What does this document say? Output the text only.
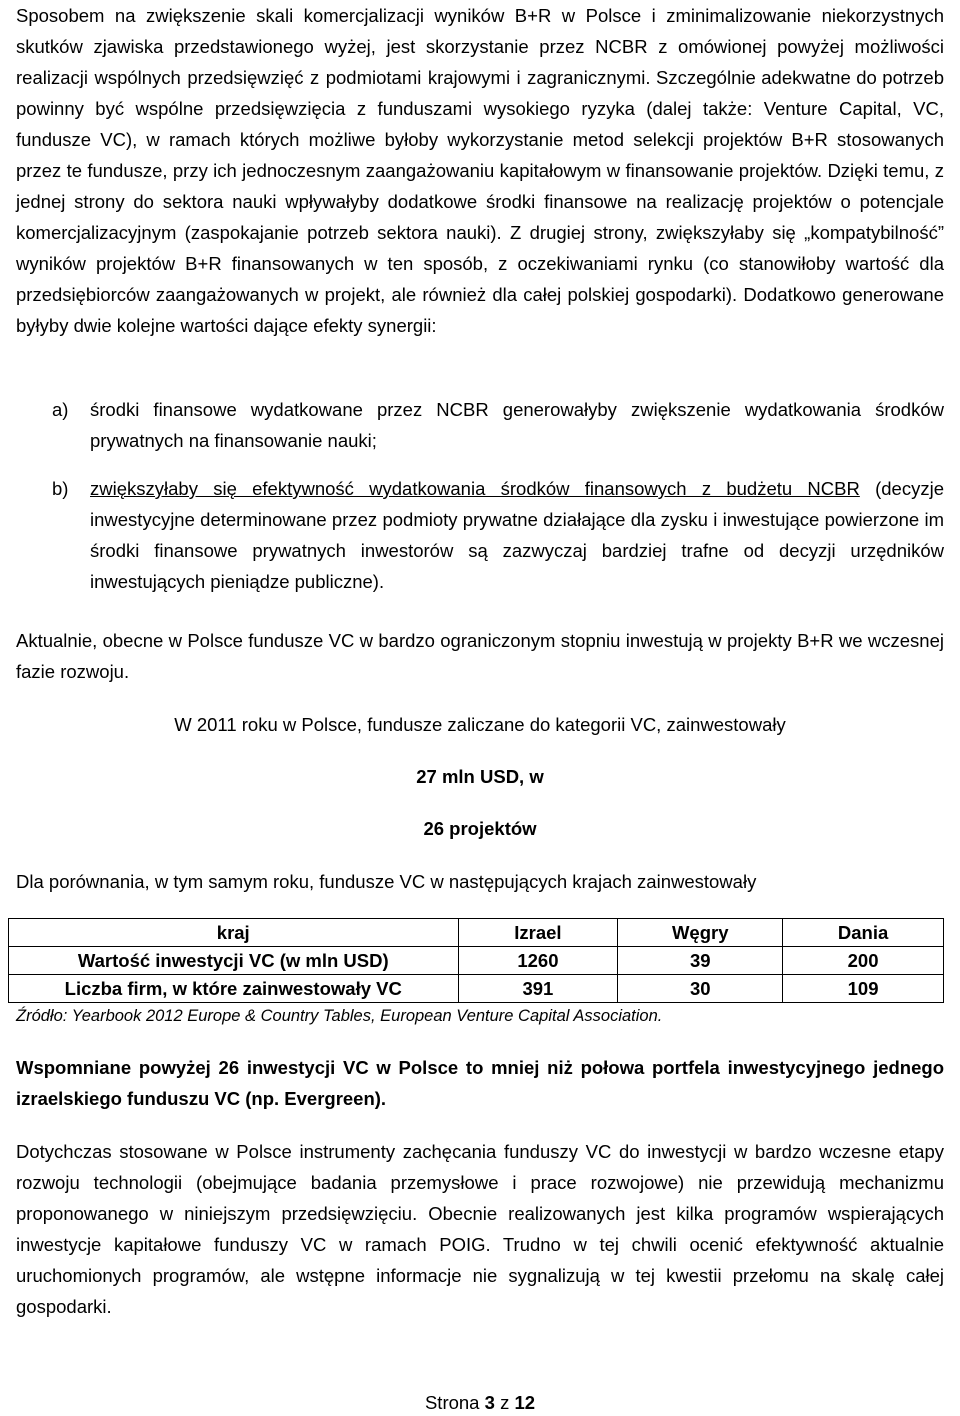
Sposobem na zwiększenie skali komercjalizacji wyników B+R w Polsce i zminimalizowanie niekorzystnych skutków zjawiska przedstawionego wyżej, jest skorzystanie przez NCBR z omówionej powyżej możliwości realizacji wspólnych przedsięwzięć z podmiotami krajowymi i zagranicznymi. Szczególnie adekwatne do potrzeb powinny być wspólne przedsięwzięcia z funduszami wysokiego ryzyka (dalej także: Venture Capital, VC, fundusze VC), w ramach których możliwe byłoby wykorzystanie metod selekcji projektów B+R stosowanych przez te fundusze, przy ich jednoczesnym zaangażowaniu kapitałowym w finansowanie projektów. Dzięki temu, z jednej strony do sektora nauki wpływałyby dodatkowe środki finansowe na realizację projektów o potencjale komercjalizacyjnym (zaspokajanie potrzeb sektora nauki). Z drugiej strony, zwiększyłaby się „kompatybilność” wyników projektów B+R finansowanych w ten sposób, z oczekiwaniami rynku (co stanowiłoby wartość dla przedsiębiorców zaangażowanych w projekt, ale również dla całej polskiej gospodarki). Dodatkowo generowane byłyby dwie kolejne wartości dające efekty synergii:

a) środki finansowe wydatkowane przez NCBR generowałyby zwiększenie wydatkowania środków prywatnych na finansowanie nauki;
b) zwiększyłaby się efektywność wydatkowania środków finansowych z budżetu NCBR (decyzje inwestycyjne determinowane przez podmioty prywatne działające dla zysku i inwestujące powierzone im środki finansowe prywatnych inwestorów są zazwyczaj bardziej trafne od decyzji urzędników inwestujących pieniądze publiczne).

Aktualnie, obecne w Polsce fundusze VC w bardzo ograniczonym stopniu inwestują w projekty B+R we wczesnej fazie rozwoju.

W 2011 roku w Polsce, fundusze zaliczane do kategorii VC, zainwestowały

27 mln USD, w

26 projektów

Dla porównania, w tym samym roku, fundusze VC w następujących krajach zainwestowały

Źródło: Yearbook 2012 Europe & Country Tables, European Venture Capital Association.

Wspomniane powyżej 26 inwestycji VC w Polsce to mniej niż połowa portfela inwestycyjnego jednego izraelskiego funduszu VC (np. Evergreen).

Dotychczas stosowane w Polsce instrumenty zachęcania funduszy VC do inwestycji w bardzo wczesne etapy rozwoju technologii (obejmujące badania przemysłowe i prace rozwojowe) nie przewidują mechanizmu proponowanego w niniejszym przedsięwzięciu. Obecnie realizowanych jest kilka programów wspierających inwestycje kapitałowe funduszy VC w ramach POIG. Trudno w tej chwili ocenić efektywność aktualnie uruchomionych programów, ale wstępne informacje nie sygnalizują w tej kwestii przełomu na skalę całej gospodarki.

kraj	Izrael	Węgry	Dania
Wartość inwestycji VC (w mln USD)	1260	39	200
Liczba firm, w które zainwestowały VC	391	30	109
Strona 3 z 12
